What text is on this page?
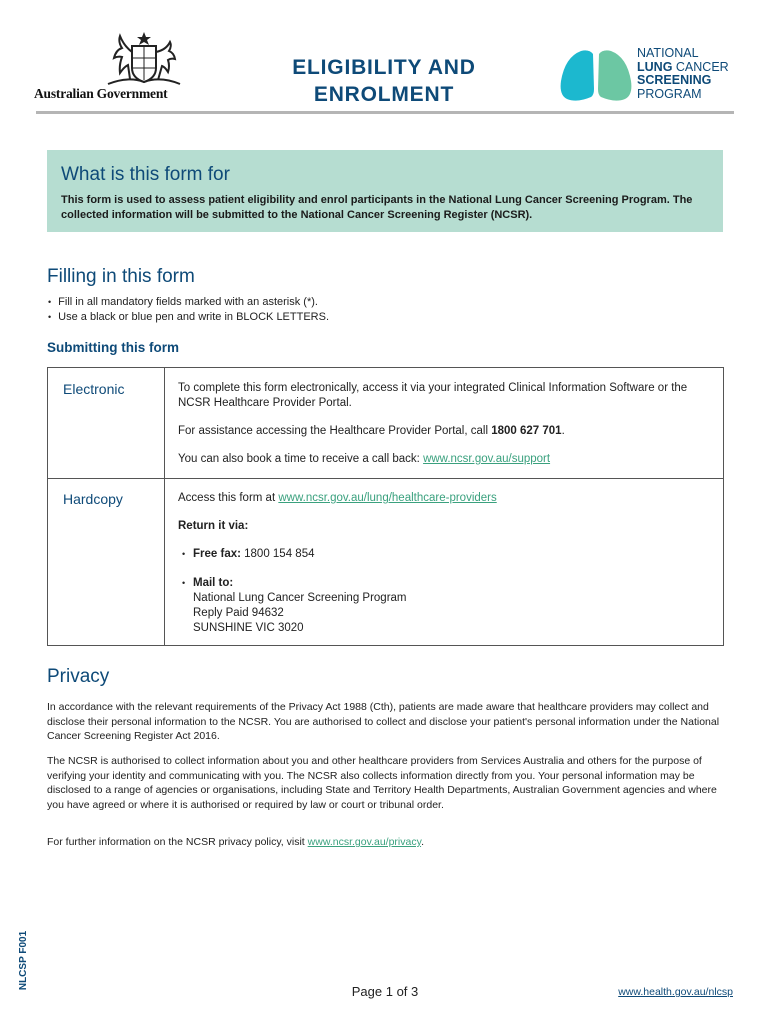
Australian Government
ELIGIBILITY AND
ENROLMENT
NATIONAL
LUNG CANCER
SCREENING
PROGRAM
What is this form for
This form is used to assess patient eligibility and enrol participants in the National Lung Cancer Screening Program. The collected information will be submitted to the National Cancer Screening Register (NCSR).
Filling in this form
• Fill in all mandatory fields marked with an asterisk (*).
• Use a black or blue pen and write in BLOCK LETTERS.
Submitting this form
Electronic	To complete this form electronically, access it via your integrated Clinical Information Software or the NCSR Healthcare Provider Portal.
For assistance accessing the Healthcare Provider Portal, call 1800 627 701.
You can also book a time to receive a call back: www.ncsr.gov.au/support
Hardcopy	Access this form at www.ncsr.gov.au/lung/healthcare-providers
Return it via:
• Free fax: 1800 154 854
• Mail to:
National Lung Cancer Screening Program
Reply Paid 94632
SUNSHINE VIC 3020
Privacy
In accordance with the relevant requirements of the Privacy Act 1988 (Cth), patients are made aware that healthcare providers may collect and disclose their personal information to the NCSR. You are authorised to collect and disclose your patient's personal information under the National Cancer Screening Register Act 2016.
The NCSR is authorised to collect information about you and other healthcare providers from Services Australia and others for the purpose of verifying your identity and communicating with you. The NCSR also collects information directly from you. Your personal information may be disclosed to a range of agencies or organisations, including State and Territory Health Departments, Australian Government agencies and where you have agreed or where it is authorised or required by law or court or tribunal order.
For further information on the NCSR privacy policy, visit www.ncsr.gov.au/privacy.
NLCSP F001
Page 1 of 3	www.health.gov.au/nlcsp
